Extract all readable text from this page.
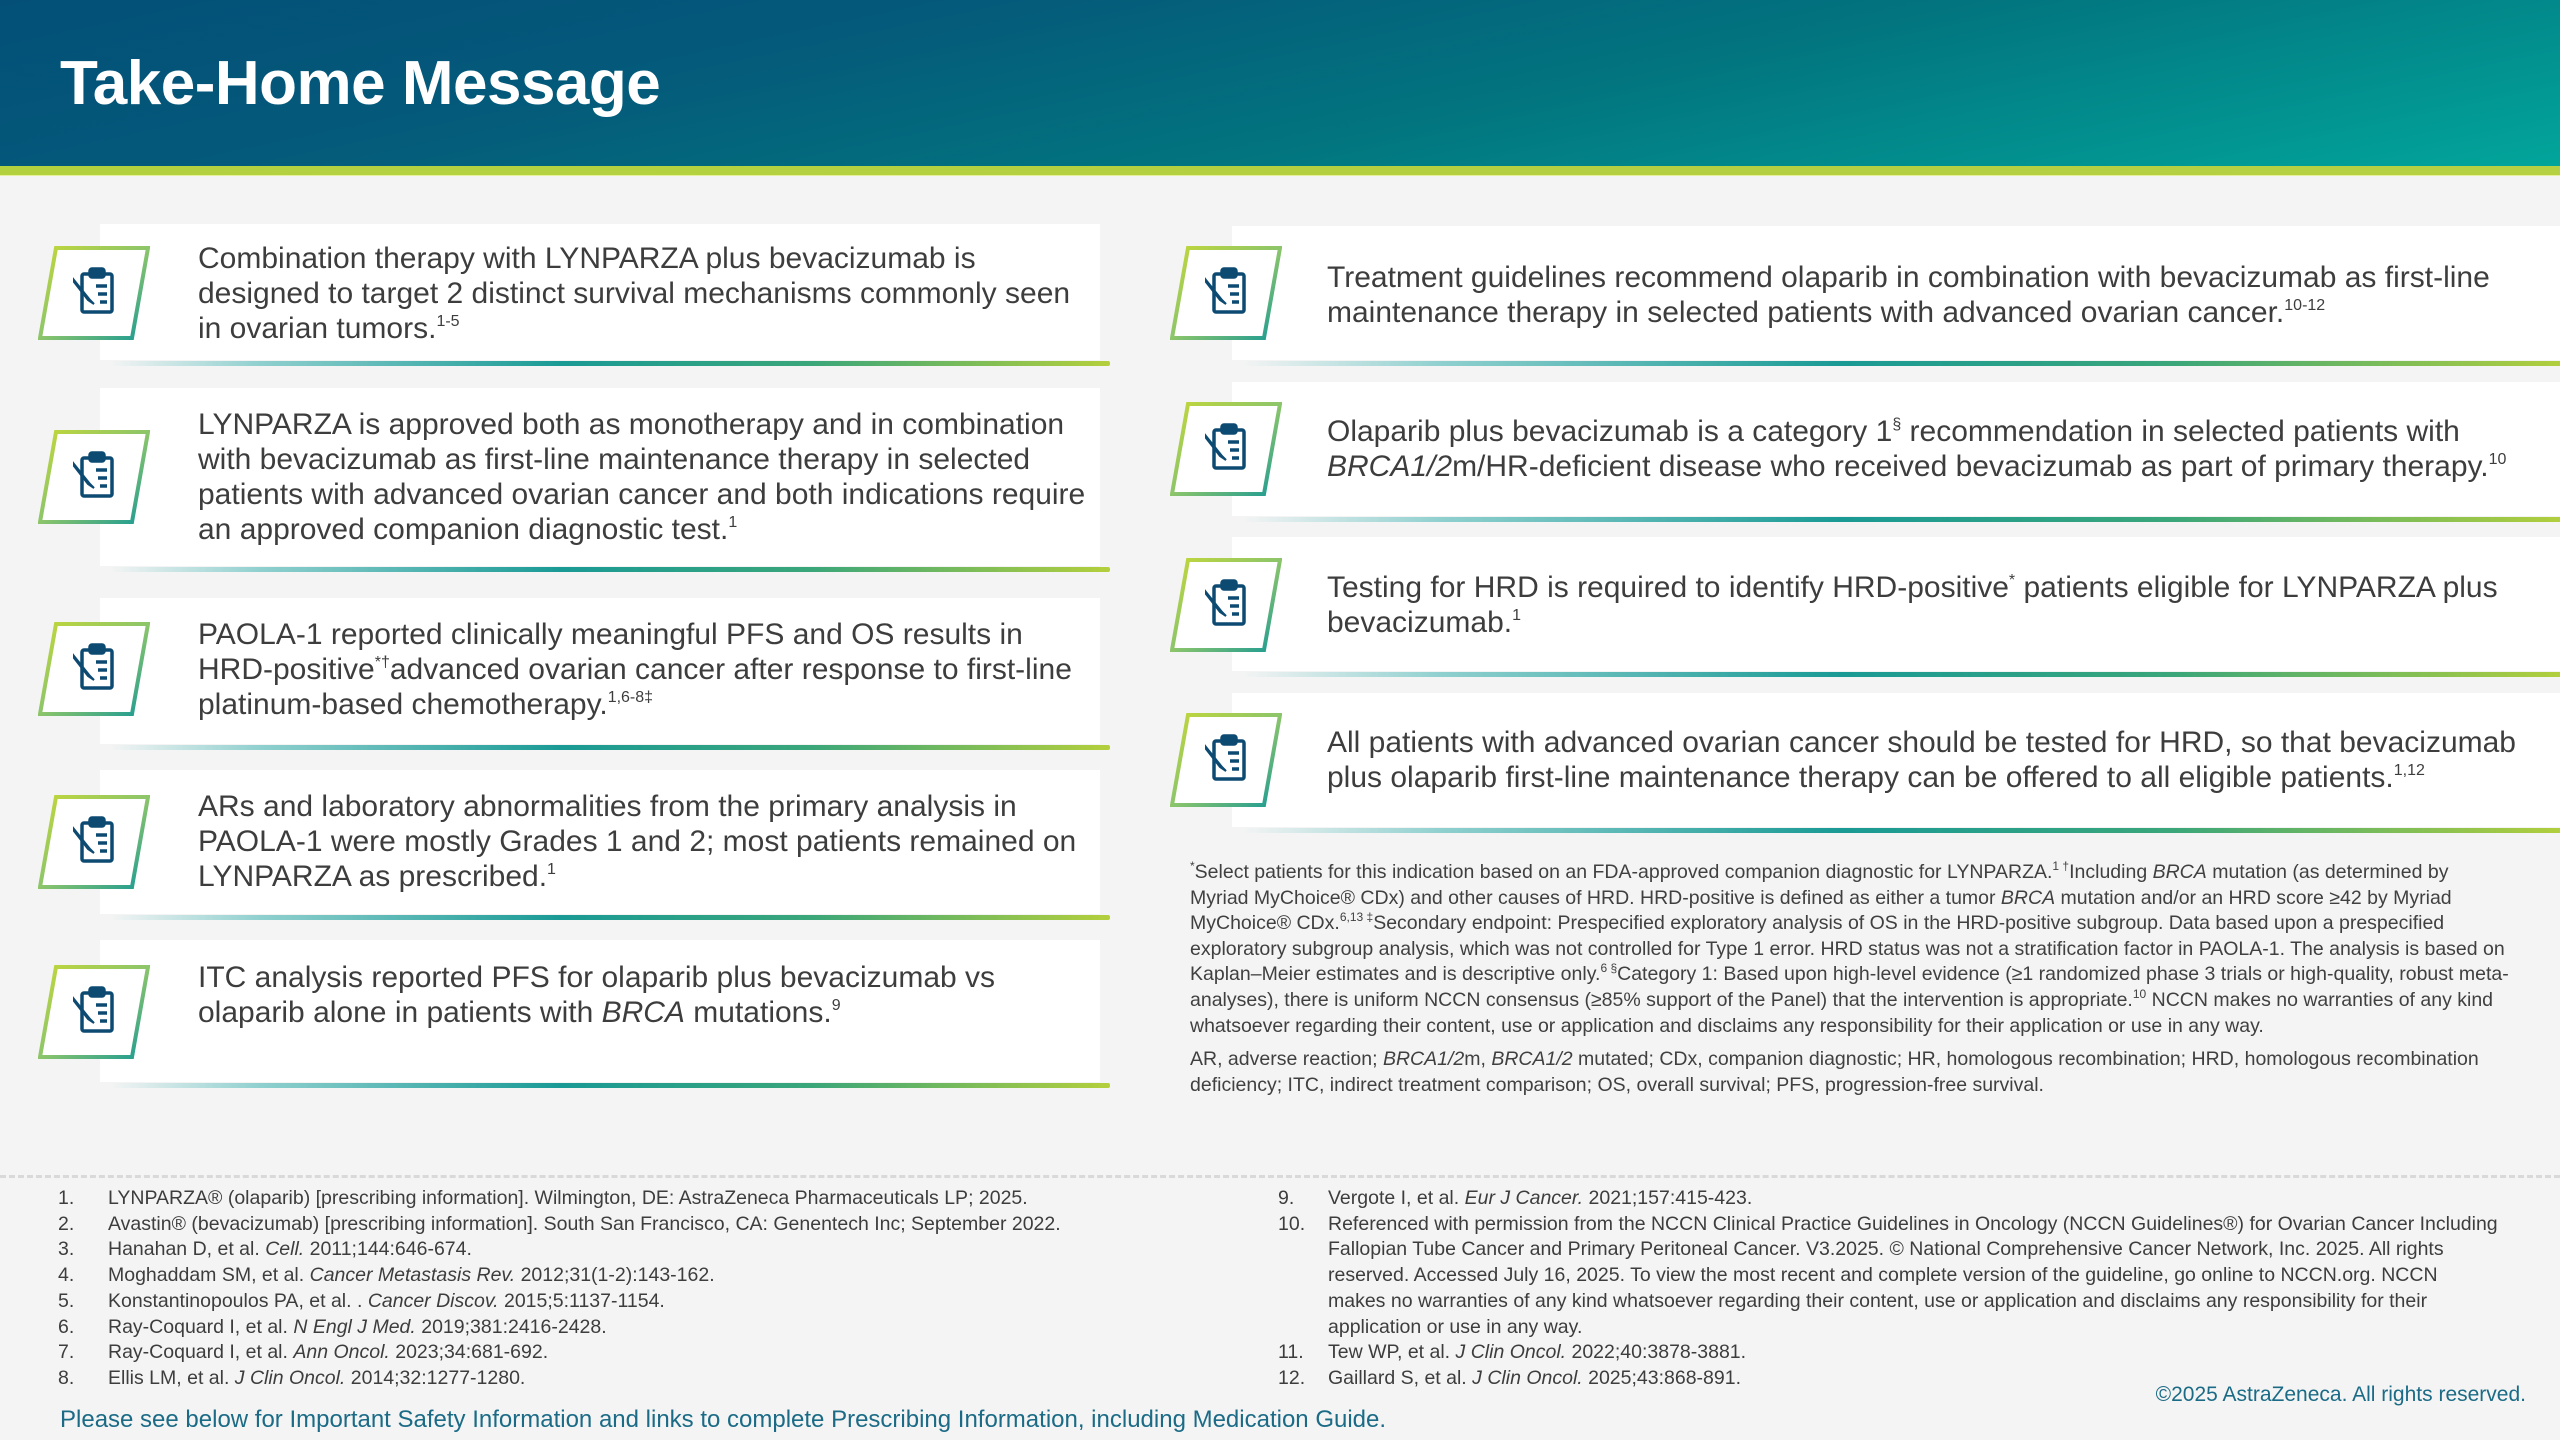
Take-Home Message
Combination therapy with LYNPARZA plus bevacizumab is designed to target 2 distinct survival mechanisms commonly seen in ovarian tumors.$^{1-5}$
LYNPARZA is approved both as monotherapy and in combination with bevacizumab as first-line maintenance therapy in selected patients with advanced ovarian cancer and both indications require an approved companion diagnostic test.$^1$
PAOLA-1 reported clinically meaningful PFS and OS results in HRD-positive*†advanced ovarian cancer after response to first-line platinum-based chemotherapy.$^{1,6-8\ddagger}$
ARs and laboratory abnormalities from the primary analysis in PAOLA-1 were mostly Grades 1 and 2; most patients remained on LYNPARZA as prescribed.$^1$
ITC analysis reported PFS for olaparib plus bevacizumab vs olaparib alone in patients with BRCA mutations.$^9$
Treatment guidelines recommend olaparib in combination with bevacizumab as first-line maintenance therapy in selected patients with advanced ovarian cancer.$^{10-12}$
Olaparib plus bevacizumab is a category 1§ recommendation in selected patients with BRCA1/2m/HR-deficient disease who received bevacizumab as part of primary therapy.$^{10}$
Testing for HRD is required to identify HRD-positive* patients eligible for LYNPARZA plus bevacizumab.$^1$
All patients with advanced ovarian cancer should be tested for HRD, so that bevacizumab plus olaparib first-line maintenance therapy can be offered to all eligible patients.$^{1,12}$

*Select patients for this indication based on an FDA-approved companion diagnostic for LYNPARZA.$^{1 \dagger}$Including BRCA mutation (as determined by Myriad MyChoice® CDx) and other causes of HRD. HRD-positive is defined as either a tumor BRCA mutation and/or an HRD score ≥42 by Myriad MyChoice® CDx.$^{6,13 \ddagger}$Secondary endpoint: Prespecified exploratory analysis of OS in the HRD-positive subgroup. Data based upon a prespecified exploratory subgroup analysis, which was not controlled for Type 1 error. HRD status was not a stratification factor in PAOLA-1. The analysis is based on Kaplan–Meier estimates and is descriptive only.$^{6 \S}$Category 1: Based upon high-level evidence (≥1 randomized phase 3 trials or high-quality, robust meta-analyses), there is uniform NCCN consensus (≥85% support of the Panel) that the intervention is appropriate.$^{10}$ NCCN makes no warranties of any kind whatsoever regarding their content, use or application and disclaims any responsibility for their application or use in any way.

AR, adverse reaction; BRCA1/2m, BRCA1/2 mutated; CDx, companion diagnostic; HR, homologous recombination; HRD, homologous recombination deficiency; ITC, indirect treatment comparison; OS, overall survival; PFS, progression-free survival.

1.	LYNPARZA® (olaparib) [prescribing information]. Wilmington, DE: AstraZeneca Pharmaceuticals LP; 2025.
2.	Avastin® (bevacizumab) [prescribing information]. South San Francisco, CA: Genentech Inc; September 2022.
3.	Hanahan D, et al. Cell. 2011;144:646-674.
4.	Moghaddam SM, et al. Cancer Metastasis Rev. 2012;31(1-2):143-162.
5.	Konstantinopoulos PA, et al. . Cancer Discov. 2015;5:1137-1154.
6.	Ray-Coquard I, et al. N Engl J Med. 2019;381:2416-2428.
7.	Ray-Coquard I, et al. Ann Oncol. 2023;34:681-692.
8.	Ellis LM, et al. J Clin Oncol. 2014;32:1277-1280.
9.	Vergote I, et al. Eur J Cancer. 2021;157:415-423.
10.	Referenced with permission from the NCCN Clinical Practice Guidelines in Oncology (NCCN Guidelines®) for Ovarian Cancer Including Fallopian Tube Cancer and Primary Peritoneal Cancer. V3.2025. © National Comprehensive Cancer Network, Inc. 2025. All rights reserved. Accessed July 16, 2025. To view the most recent and complete version of the guideline, go online to NCCN.org. NCCN makes no warranties of any kind whatsoever regarding their content, use or application and disclaims any responsibility for their application or use in any way.
11.	Tew WP, et al. J Clin Oncol. 2022;40:3878-3881.
12.	Gaillard S, et al. J Clin Oncol. 2025;43:868-891.
©2025 AstraZeneca. All rights reserved.
Please see below for Important Safety Information and links to complete Prescribing Information, including Medication Guide.
